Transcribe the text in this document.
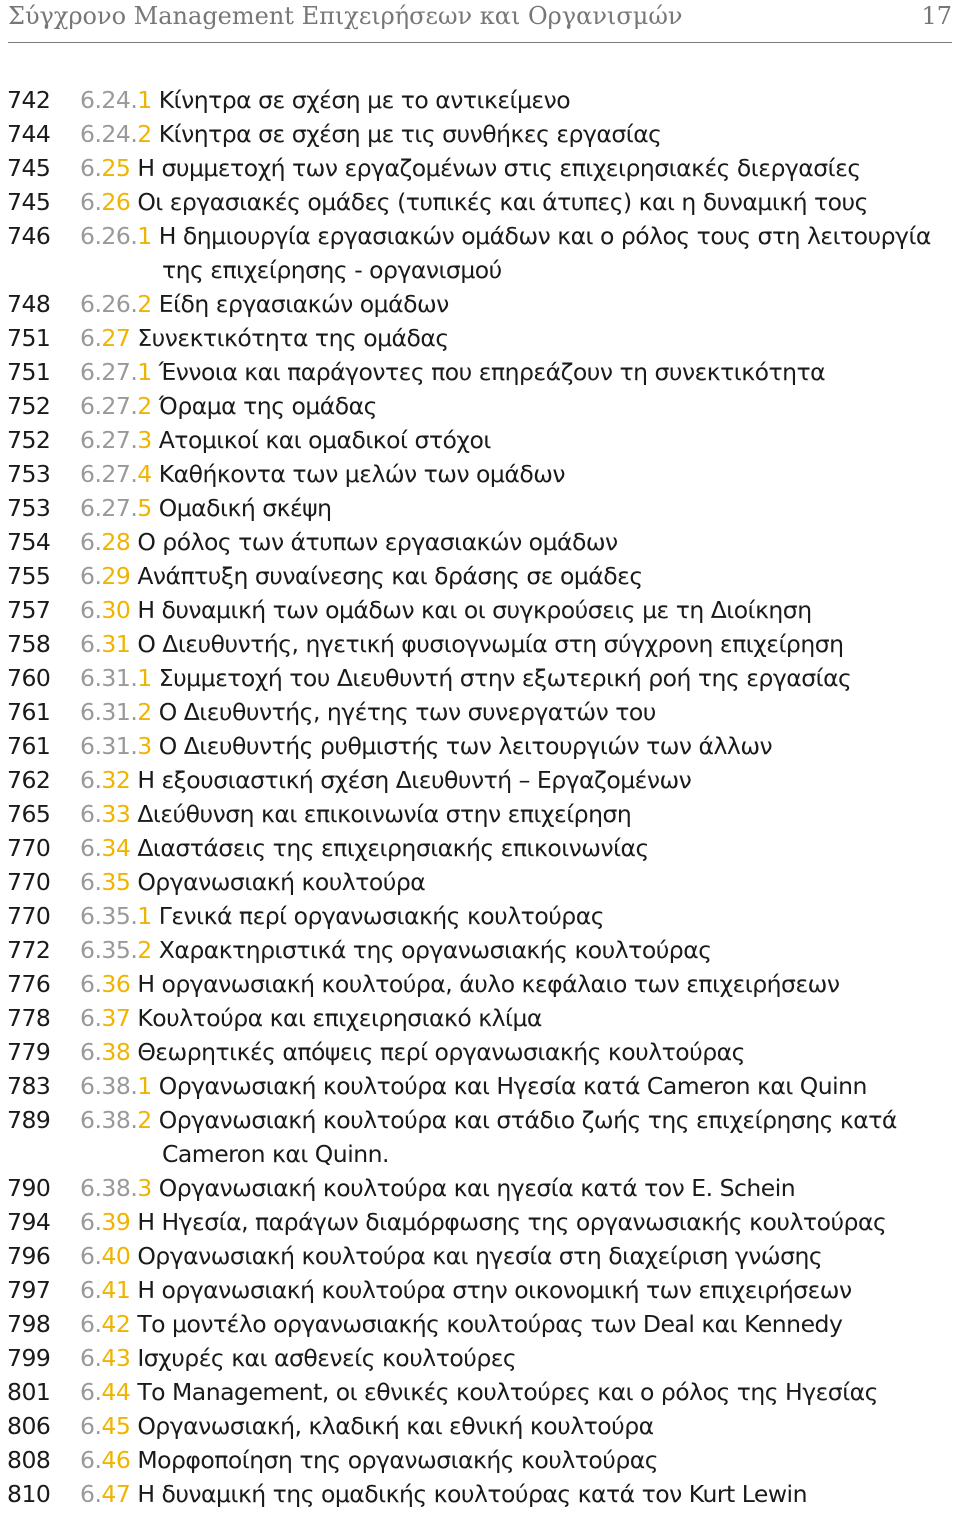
Σύγχρονο Management Επιχειρήσεων και Οργανισμών	17
742	6.24.1 Κίνητρα σε σχέση με το αντικείμενο
744	6.24.2 Κίνητρα σε σχέση με τις συνθήκες εργασίας
745	6.25 Η συμμετοχή των εργαζομένων στις επιχειρησιακές διεργασίες
745	6.26 Οι εργασιακές ομάδες (τυπικές και άτυπες) και η δυναμική τους
746	6.26.1 Η δημιουργία εργασιακών ομάδων και ο ρόλος τους στη λειτουργία
της επιχείρησης - οργανισμού
748	6.26.2 Είδη εργασιακών ομάδων
751	6.27 Συνεκτικότητα της ομάδας
751	6.27.1 Έννοια και παράγοντες που επηρεάζουν τη συνεκτικότητα
752	6.27.2 Όραμα της ομάδας
752	6.27.3 Ατομικοί και ομαδικοί στόχοι
753	6.27.4 Καθήκοντα των μελών των ομάδων
753	6.27.5 Ομαδική σκέψη
754	6.28 Ο ρόλος των άτυπων εργασιακών ομάδων
755	6.29 Ανάπτυξη συναίνεσης και δράσης σε ομάδες
757	6.30 Η δυναμική των ομάδων και οι συγκρούσεις με τη Διοίκηση
758	6.31 Ο Διευθυντής, ηγετική φυσιογνωμία στη σύγχρονη επιχείρηση
760	6.31.1 Συμμετοχή του Διευθυντή στην εξωτερική ροή της εργασίας
761	6.31.2 Ο Διευθυντής, ηγέτης των συνεργατών του
761	6.31.3 Ο Διευθυντής ρυθμιστής των λειτουργιών των άλλων
762	6.32 Η εξουσιαστική σχέση Διευθυντή – Εργαζομένων
765	6.33 Διεύθυνση και επικοινωνία στην επιχείρηση
770	6.34 Διαστάσεις της επιχειρησιακής επικοινωνίας
770	6.35 Οργανωσιακή κουλτούρα
770	6.35.1 Γενικά περί οργανωσιακής κουλτούρας
772	6.35.2 Χαρακτηριστικά της οργανωσιακής κουλτούρας
776	6.36 Η οργανωσιακή κουλτούρα, άυλο κεφάλαιο των επιχειρήσεων
778	6.37 Κουλτούρα και επιχειρησιακό κλίμα
779	6.38 Θεωρητικές απόψεις περί οργανωσιακής κουλτούρας
783	6.38.1 Οργανωσιακή κουλτούρα και Ηγεσία κατά Cameron και Quinn
789	6.38.2 Οργανωσιακή κουλτούρα και στάδιο ζωής της επιχείρησης κατά
Cameron και Quinn.
790	6.38.3 Οργανωσιακή κουλτούρα και ηγεσία κατά τον E. Schein
794	6.39 Η Ηγεσία, παράγων διαμόρφωσης της οργανωσιακής κουλτούρας
796	6.40 Οργανωσιακή κουλτούρα και ηγεσία στη διαχείριση γνώσης
797	6.41 Η οργανωσιακή κουλτούρα στην οικονομική των επιχειρήσεων
798	6.42 Το μοντέλο οργανωσιακής κουλτούρας των Deal και Kennedy
799	6.43 Ισχυρές και ασθενείς κουλτούρες
801	6.44 Το Management, οι εθνικές κουλτούρες και ο ρόλος της Ηγεσίας
806	6.45 Οργανωσιακή, κλαδική και εθνική κουλτούρα
808	6.46 Μορφοποίηση της οργανωσιακής κουλτούρας
810	6.47 Η δυναμική της ομαδικής κουλτούρας κατά τον Kurt Lewin
